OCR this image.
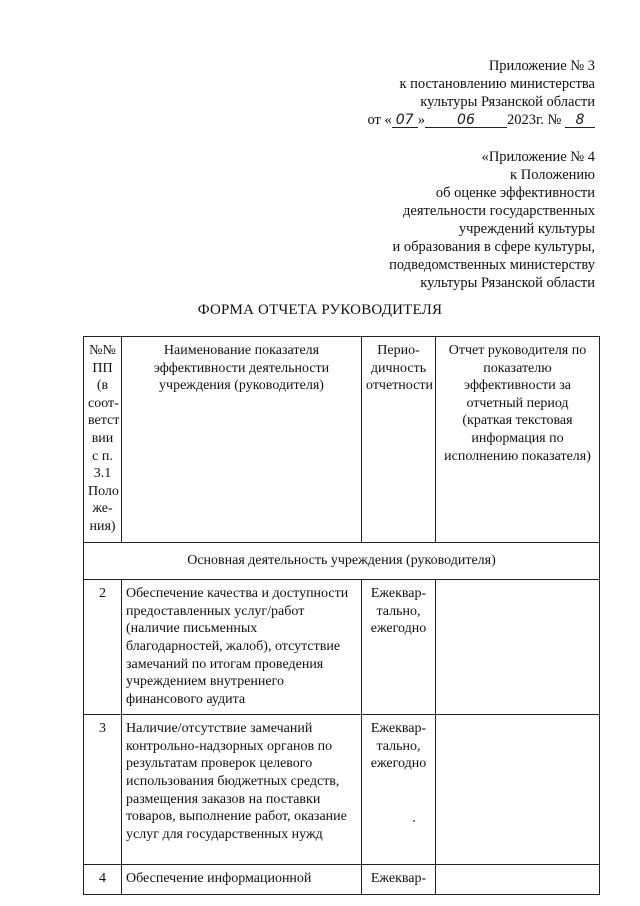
Приложение № 3
к постановлению министерства
культуры Рязанской области
от « 07 » 06 2023г. № 8
«Приложение № 4
к Положению
об оценке эффективности
деятельности государственных
учреждений культуры
и образования в сфере культуры,
подведомственных министерству
культуры Рязанской области
ФОРМА ОТЧЕТА РУКОВОДИТЕЛЯ
№№ ПП (в соот-ветст вии с п. 3.1 Поло же-ния)	Наименование показателя эффективности деятельности учреждения (руководителя)	Перио-дичность отчетности	Отчет руководителя по показателю эффективности за отчетный период (краткая текстовая информация по исполнению показателя)
Основная деятельность учреждения (руководителя)			
2	Обеспечение качества и доступности предоставленных услуг/работ (наличие письменных благодарностей, жалоб), отсутствие замечаний по итогам проведения учреждением внутреннего финансового аудита	Ежеквар-тально, ежегодно	
3	Наличие/отсутствие замечаний контрольно-надзорных органов по результатам проверок целевого использования бюджетных средств, размещения заказов на поставки товаров, выполнение работ, оказание услуг для государственных нужд	Ежеквар-тально, ежегодно	
4	Обеспечение информационной	Ежеквар-	
